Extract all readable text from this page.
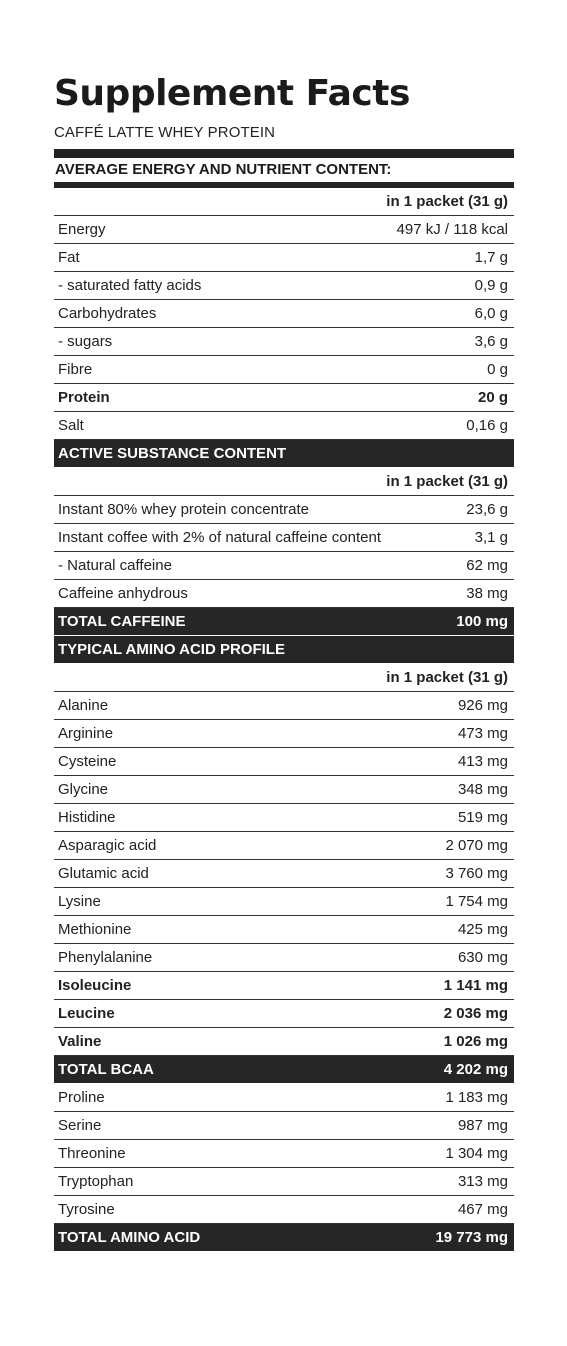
Supplement Facts
CAFFÉ LATTE WHEY PROTEIN
AVERAGE ENERGY AND NUTRIENT CONTENT:
in 1 packet (31 g)
Energy	497 kJ / 118 kcal
Fat	1,7 g
- saturated fatty acids	0,9 g
Carbohydrates	6,0 g
- sugars	3,6 g
Fibre	0 g
Protein	20 g
Salt	0,16 g
ACTIVE SUBSTANCE CONTENT
in 1 packet (31 g)
Instant 80% whey protein concentrate	23,6 g
Instant coffee with 2% of natural caffeine content	3,1 g
- Natural caffeine	62 mg
Caffeine anhydrous	38 mg
TOTAL CAFFEINE	100 mg
TYPICAL AMINO ACID PROFILE
in 1 packet (31 g)
Alanine	926 mg
Arginine	473 mg
Cysteine	413 mg
Glycine	348 mg
Histidine	519 mg
Asparagic acid	2 070 mg
Glutamic acid	3 760 mg
Lysine	1 754 mg
Methionine	425 mg
Phenylalanine	630 mg
Isoleucine	1 141 mg
Leucine	2 036 mg
Valine	1 026 mg
TOTAL BCAA	4 202 mg
Proline	1 183 mg
Serine	987 mg
Threonine	1 304 mg
Tryptophan	313 mg
Tyrosine	467 mg
TOTAL AMINO ACID	19 773 mg
